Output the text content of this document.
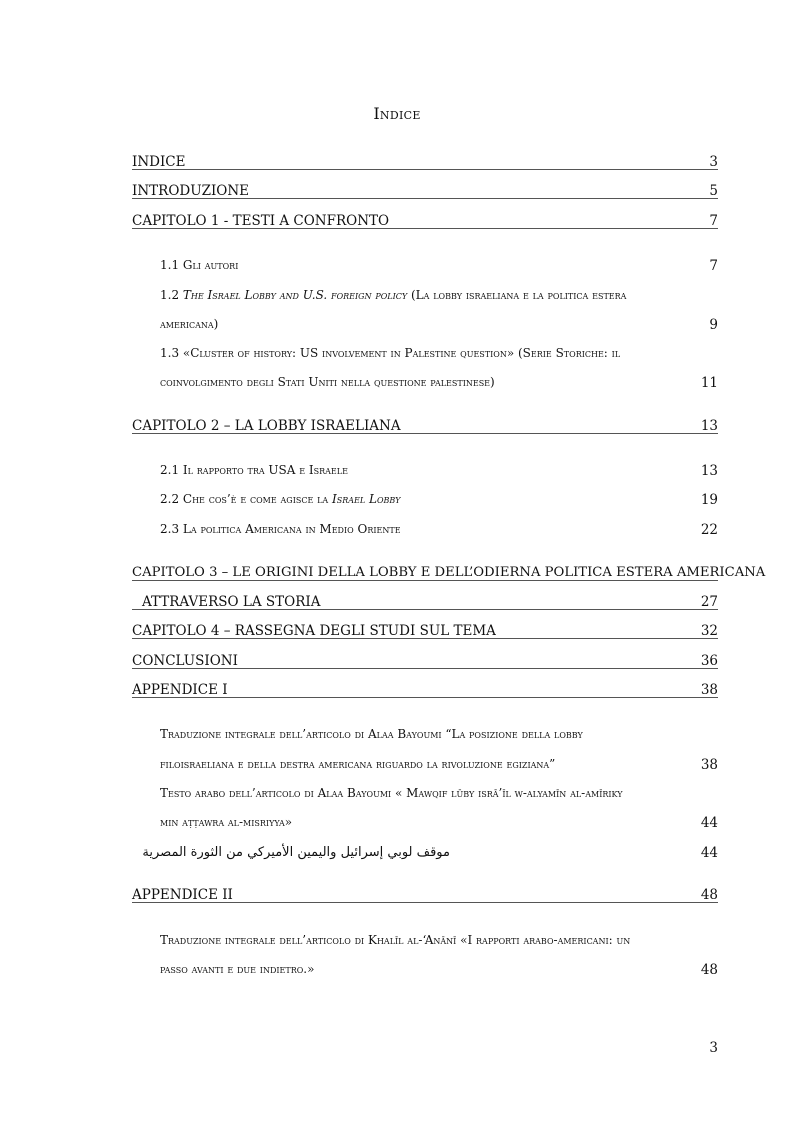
Indice
INDICE	3
INTRODUZIONE	5
CAPITOLO 1 - TESTI A CONFRONTO	7
1.1 Gli autori	7
1.2 The Israel Lobby and U.S. foreign policy (La lobby israeliana e la politica estera
americana)	9
1.3 «Cluster of history: US involvement in Palestine question» (Serie Storiche: il
coinvolgimento degli Stati Uniti nella questione palestinese)	11
CAPITOLO 2 – LA LOBBY ISRAELIANA	13
2.1 Il rapporto tra USA e Israele	13
2.2 Che cos’è e come agisce la Israel Lobby	19
2.3 La politica Americana in Medio Oriente	22
CAPITOLO 3 – LE ORIGINI DELLA LOBBY E DELL’ODIERNA POLITICA ESTERA AMERICANA
ATTRAVERSO LA STORIA	27
CAPITOLO 4 – RASSEGNA DEGLI STUDI SUL TEMA	32
CONCLUSIONI	36
APPENDICE I	38
Traduzione integrale dell’articolo di Alaa Bayoumi “La posizione della lobby
filoisraeliana e della destra americana riguardo la rivoluzione egiziana”	38
Testo arabo dell’articolo di Alaa Bayoumi « Mawqif lūby isrā’īl w-alyamīn al-amīriky
min aṭṭawra al-misriyya»	44
موقف لوبي إسرائيل واليمين الأميركي من الثورة المصرية	44
APPENDICE II	48
Traduzione integrale dell’articolo di Khalīl al-‘Anānī «I rapporti arabo-americani: un
passo avanti e due indietro.»	48
3
